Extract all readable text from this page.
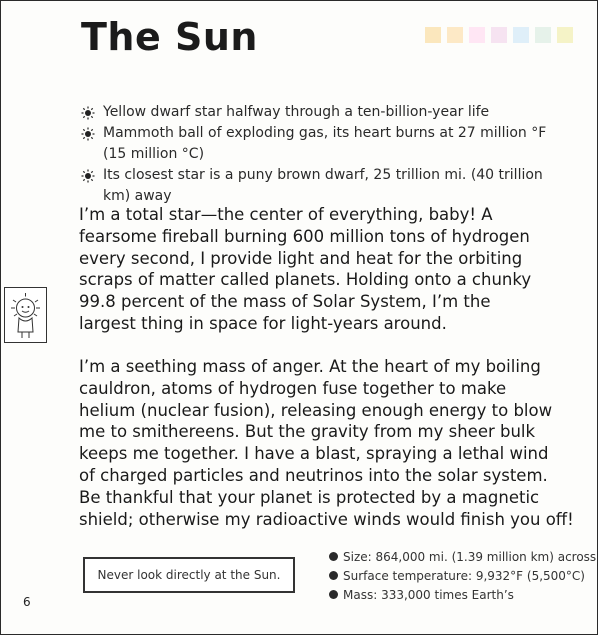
The Sun
Yellow dwarf star halfway through a ten-billion-year life
Mammoth ball of exploding gas, its heart burns at 27 million °F
(15 million °C)
Its closest star is a puny brown dwarf, 25 trillion mi. (40 trillion
km) away
I’m a total star—the center of everything, baby! A
fearsome fireball burning 600 million tons of hydrogen
every second, I provide light and heat for the orbiting
scraps of matter called planets. Holding onto a chunky
99.8 percent of the mass of Solar System, I’m the
largest thing in space for light-years around.
I’m a seething mass of anger. At the heart of my boiling
cauldron, atoms of hydrogen fuse together to make
helium (nuclear fusion), releasing enough energy to blow
me to smithereens. But the gravity from my sheer bulk
keeps me together. I have a blast, spraying a lethal wind
of charged particles and neutrinos into the solar system.
Be thankful that your planet is protected by a magnetic
shield; otherwise my radioactive winds would finish you off!
Never look directly at the Sun.
Size: 864,000 mi. (1.39 million km) across
Surface temperature: 9,932°F (5,500°C)
Mass: 333,000 times Earth’s
6
